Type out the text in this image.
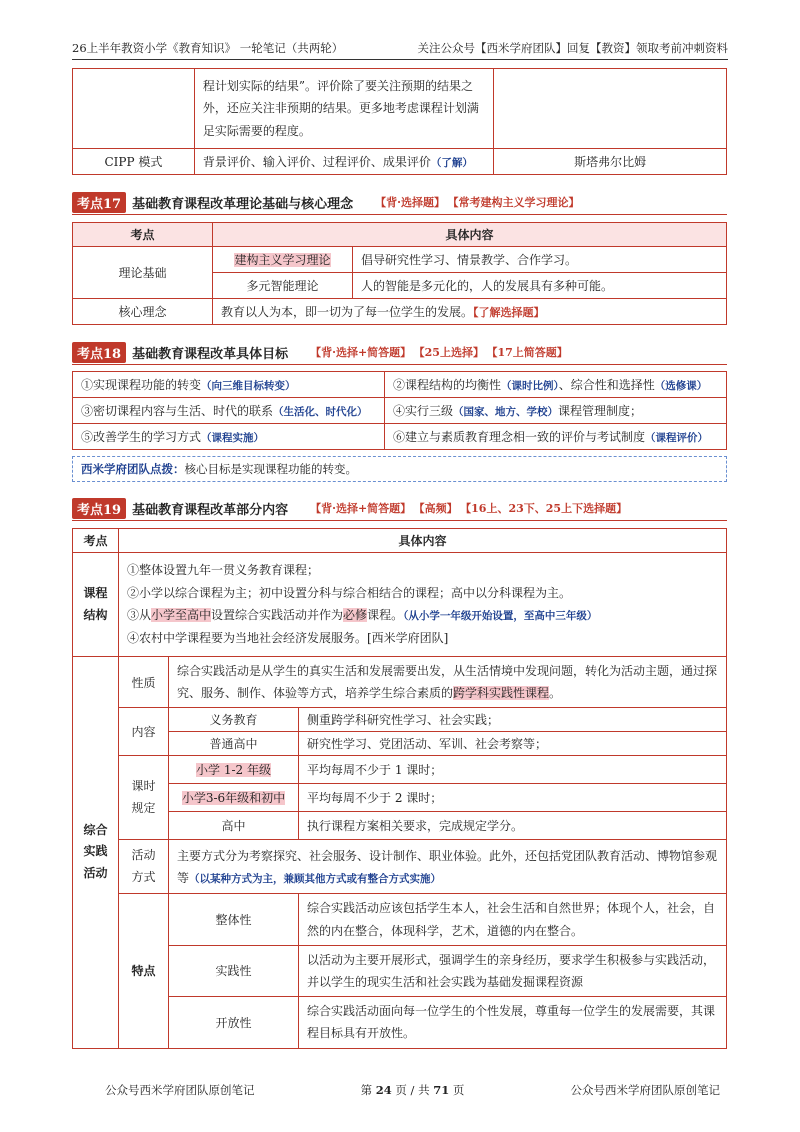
26上半年教资小学《教育知识》 一轮笔记（共两轮）	关注公众号【西米学府团队】回复【教资】领取考前冲刺资料
	程计划实际的结果”。评价除了要关注预期的结果之外，还应关注非预期的结果。更多地考虑课程计划满足实际需要的程度。	
CIPP 模式	背景评价、输入评价、过程评价、成果评价（了解）	斯塔弗尔比姆
考点17 基础教育课程改革理论基础与核心理念 【背·选择题】 【常考建构主义学习理论】
考点	具体内容	
理论基础	建构主义学习理论	倡导研究性学习、情景教学、合作学习。
	多元智能理论	人的智能是多元化的，人的发展具有多种可能。
核心理念	教育以人为本，即一切为了每一位学生的发展。【了解选择题】	
考点18 基础教育课程改革具体目标 【背·选择+简答题】 【25上选择】 【17上简答题】
①实现课程功能的转变（向三维目标转变）	②课程结构的均衡性（课时比例）、综合性和选择性（选修课）
③密切课程内容与生活、时代的联系（生活化、时代化）	④实行三级（国家、地方、学校）课程管理制度；
⑤改善学生的学习方式（课程实施）	⑥建立与素质教育理念相一致的评价与考试制度（课程评价）
西米学府团队点拨：核心目标是实现课程功能的转变。
考点19 基础教育课程改革部分内容 【背·选择+简答题】 【高频】 【16上、23下、25上下选择题】
考点	具体内容		
课程结构	①整体设置九年一贯义务教育课程；
②小学以综合课程为主；初中设置分科与综合相结合的课程；高中以分科课程为主。
③从小学至高中设置综合实践活动并作为必修课程。（从小学一年级开始设置，至高中三年级）
④农村中学课程要为当地社会经济发展服务。[西米学府团队]		

综合实践活动	性质	综合实践活动是从学生的真实生活和发展需要出发，从生活情境中发现问题，转化为活动主题，通过探究、服务、制作、体验等方式，培养学生综合素质的跨学科实践性课程。	
	内容	义务教育	侧重跨学科研究性学习、社会实践；
		普通高中	研究性学习、党团活动、军训、社会考察等；
	课时规定	小学 1-2 年级	平均每周不少于 1 课时；
		小学3-6年级和初中	平均每周不少于 2 课时；
		高中	执行课程方案相关要求，完成规定学分。
	活动方式	主要方式分为考察探究、社会服务、设计制作、职业体验。此外，还包括党团队教育活动、博物馆参观等（以某种方式为主，兼顾其他方式或有整合方式实施）	
	特点	整体性	综合实践活动应该包括学生本人，社会生活和自然世界；体现个人，社会，自然的内在整合，体现科学，艺术，道德的内在整合。
		实践性	以活动为主要开展形式，强调学生的亲身经历，要求学生积极参与实践活动，并以学生的现实生活和社会实践为基础发掘课程资源
		开放性	综合实践活动面向每一位学生的个性发展，尊重每一位学生的发展需要，其课程目标具有开放性。
公众号西米学府团队原创笔记	第 24 页 / 共 71 页	公众号西米学府团队原创笔记
